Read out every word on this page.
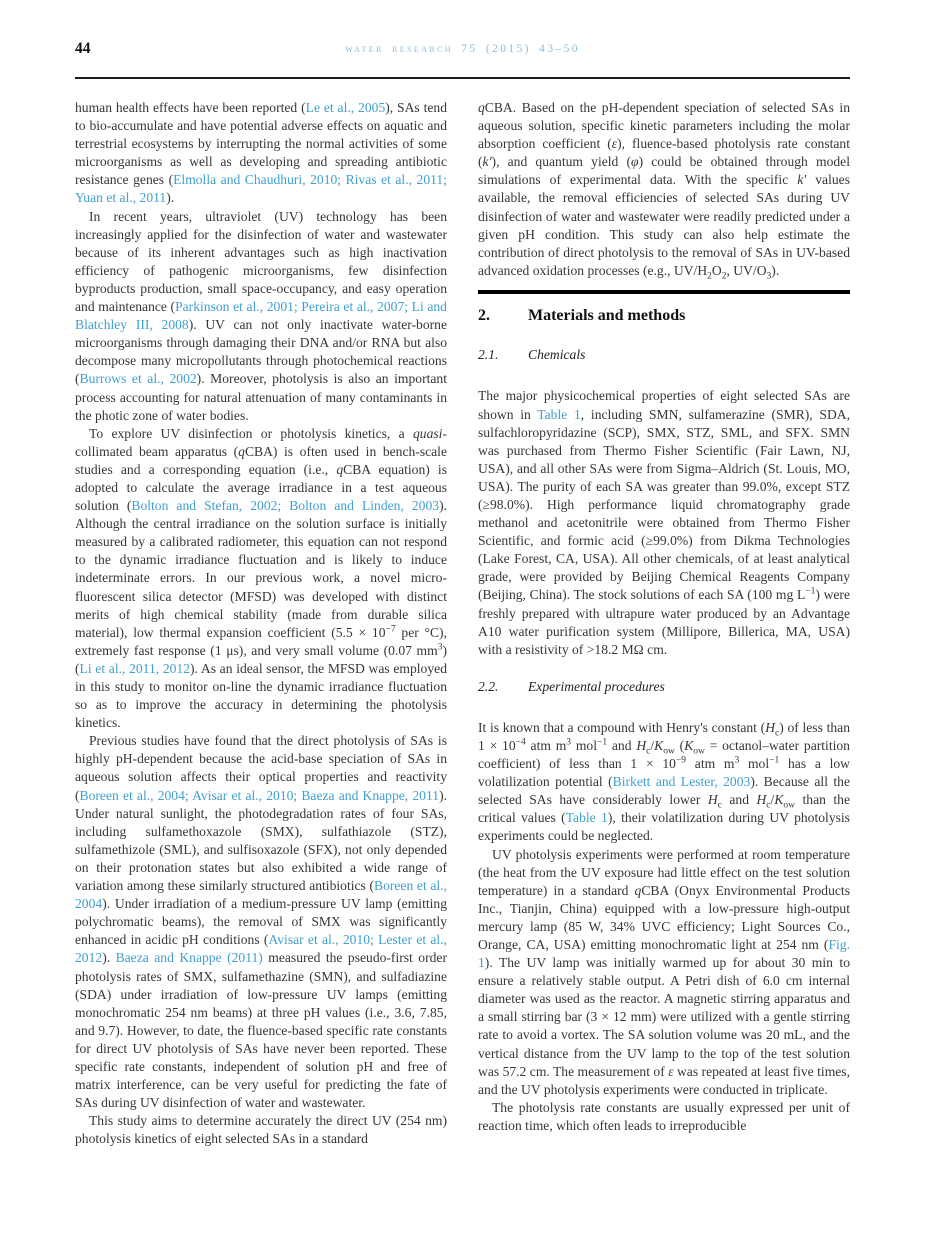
44	water research 75 (2015) 43–50

human health effects have been reported (Le et al., 2005), SAs tend to bio-accumulate and have potential adverse effects on aquatic and terrestrial ecosystems by interrupting the normal activities of some microorganisms as well as developing and spreading antibiotic resistance genes (Elmolla and Chaudhuri, 2010; Rivas et al., 2011; Yuan et al., 2011).

In recent years, ultraviolet (UV) technology has been increasingly applied for the disinfection of water and wastewater because of its inherent advantages such as high inactivation efficiency of pathogenic microorganisms, few disinfection byproducts production, small space-occupancy, and easy operation and maintenance (Parkinson et al., 2001; Pereira et al., 2007; Li and Blatchley III, 2008). UV can not only inactivate water-borne microorganisms through damaging their DNA and/or RNA but also decompose many micropollutants through photochemical reactions (Burrows et al., 2002). Moreover, photolysis is also an important process accounting for natural attenuation of many contaminants in the photic zone of water bodies.

To explore UV disinfection or photolysis kinetics, a quasi-collimated beam apparatus (qCBA) is often used in bench-scale studies and a corresponding equation (i.e., qCBA equation) is adopted to calculate the average irradiance in a test aqueous solution (Bolton and Stefan, 2002; Bolton and Linden, 2003). Although the central irradiance on the solution surface is initially measured by a calibrated radiometer, this equation can not respond to the dynamic irradiance fluctuation and is likely to induce indeterminate errors. In our previous work, a novel micro-fluorescent silica detector (MFSD) was developed with distinct merits of high chemical stability (made from durable silica material), low thermal expansion coefficient ($5.5 \times 10^{-7}$ per °C), extremely fast response (1 μs), and very small volume (0.07 $mm^3$) (Li et al., 2011, 2012). As an ideal sensor, the MFSD was employed in this study to monitor on-line the dynamic irradiance fluctuation so as to improve the accuracy in determining the photolysis kinetics.

Previous studies have found that the direct photolysis of SAs is highly pH-dependent because the acid-base speciation of SAs in aqueous solution affects their optical properties and reactivity (Boreen et al., 2004; Avisar et al., 2010; Baeza and Knappe, 2011). Under natural sunlight, the photodegradation rates of four SAs, including sulfamethoxazole (SMX), sulfathiazole (STZ), sulfamethizole (SML), and sulfisoxazole (SFX), not only depended on their protonation states but also exhibited a wide range of variation among these similarly structured antibiotics (Boreen et al., 2004). Under irradiation of a medium-pressure UV lamp (emitting polychromatic beams), the removal of SMX was significantly enhanced in acidic pH conditions (Avisar et al., 2010; Lester et al., 2012). Baeza and Knappe (2011) measured the pseudo-first order photolysis rates of SMX, sulfamethazine (SMN), and sulfadiazine (SDA) under irradiation of low-pressure UV lamps (emitting monochromatic 254 nm beams) at three pH values (i.e., 3.6, 7.85, and 9.7). However, to date, the fluence-based specific rate constants for direct UV photolysis of SAs have never been reported. These specific rate constants, independent of solution pH and free of matrix interference, can be very useful for predicting the fate of SAs during UV disinfection of water and wastewater.

This study aims to determine accurately the direct UV (254 nm) photolysis kinetics of eight selected SAs in a standard

qCBA. Based on the pH-dependent speciation of selected SAs in aqueous solution, specific kinetic parameters including the molar absorption coefficient (ε), fluence-based photolysis rate constant (k′), and quantum yield (φ) could be obtained through model simulations of experimental data. With the specific k′ values available, the removal efficiencies of selected SAs during UV disinfection of water and wastewater were readily predicted under a given pH condition. This study can also help estimate the contribution of direct photolysis to the removal of SAs in UV-based advanced oxidation processes (e.g., $UV/H_2O_2$, $UV/O_3$).

2.	Materials and methods
2.1.	Chemicals

The major physicochemical properties of eight selected SAs are shown in Table 1, including SMN, sulfamerazine (SMR), SDA, sulfachloropyridazine (SCP), SMX, STZ, SML, and SFX. SMN was purchased from Thermo Fisher Scientific (Fair Lawn, NJ, USA), and all other SAs were from Sigma–Aldrich (St. Louis, MO, USA). The purity of each SA was greater than 99.0%, except STZ (≥98.0%). High performance liquid chromatography grade methanol and acetonitrile were obtained from Thermo Fisher Scientific, and formic acid (≥99.0%) from Dikma Technologies (Lake Forest, CA, USA). All other chemicals, of at least analytical grade, were provided by Beijing Chemical Reagents Company (Beijing, China). The stock solutions of each SA (100 mg $L^{-1}$) were freshly prepared with ultrapure water produced by an Advantage A10 water purification system (Millipore, Billerica, MA, USA) with a resistivity of >18.2 MΩ cm.

2.2.	Experimental procedures

It is known that a compound with Henry's constant $(H_c)$ of less than $1 \times 10^{-4}$ atm $m^3$ mol$^{-1}$ and $H_c/K_{ow}$ ($K_{ow}$ = octanol–water partition coefficient) of less than $1 \times 10^{-9}$ atm $m^3$ mol$^{-1}$ has a low volatilization potential (Birkett and Lester, 2003). Because all the selected SAs have considerably lower $H_c$ and $H_c/K_{ow}$ than the critical values (Table 1), their volatilization during UV photolysis experiments could be neglected.

UV photolysis experiments were performed at room temperature (the heat from the UV exposure had little effect on the test solution temperature) in a standard qCBA (Onyx Environmental Products Inc., Tianjin, China) equipped with a low-pressure high-output mercury lamp (85 W, 34% UVC efficiency; Light Sources Co., Orange, CA, USA) emitting monochromatic light at 254 nm (Fig. 1). The UV lamp was initially warmed up for about 30 min to ensure a relatively stable output. A Petri dish of 6.0 cm internal diameter was used as the reactor. A magnetic stirring apparatus and a small stirring bar (3 × 12 mm) were utilized with a gentle stirring rate to avoid a vortex. The SA solution volume was 20 mL, and the vertical distance from the UV lamp to the top of the test solution was 57.2 cm. The measurement of ε was repeated at least five times, and the UV photolysis experiments were conducted in triplicate.

The photolysis rate constants are usually expressed per unit of reaction time, which often leads to irreproducible
